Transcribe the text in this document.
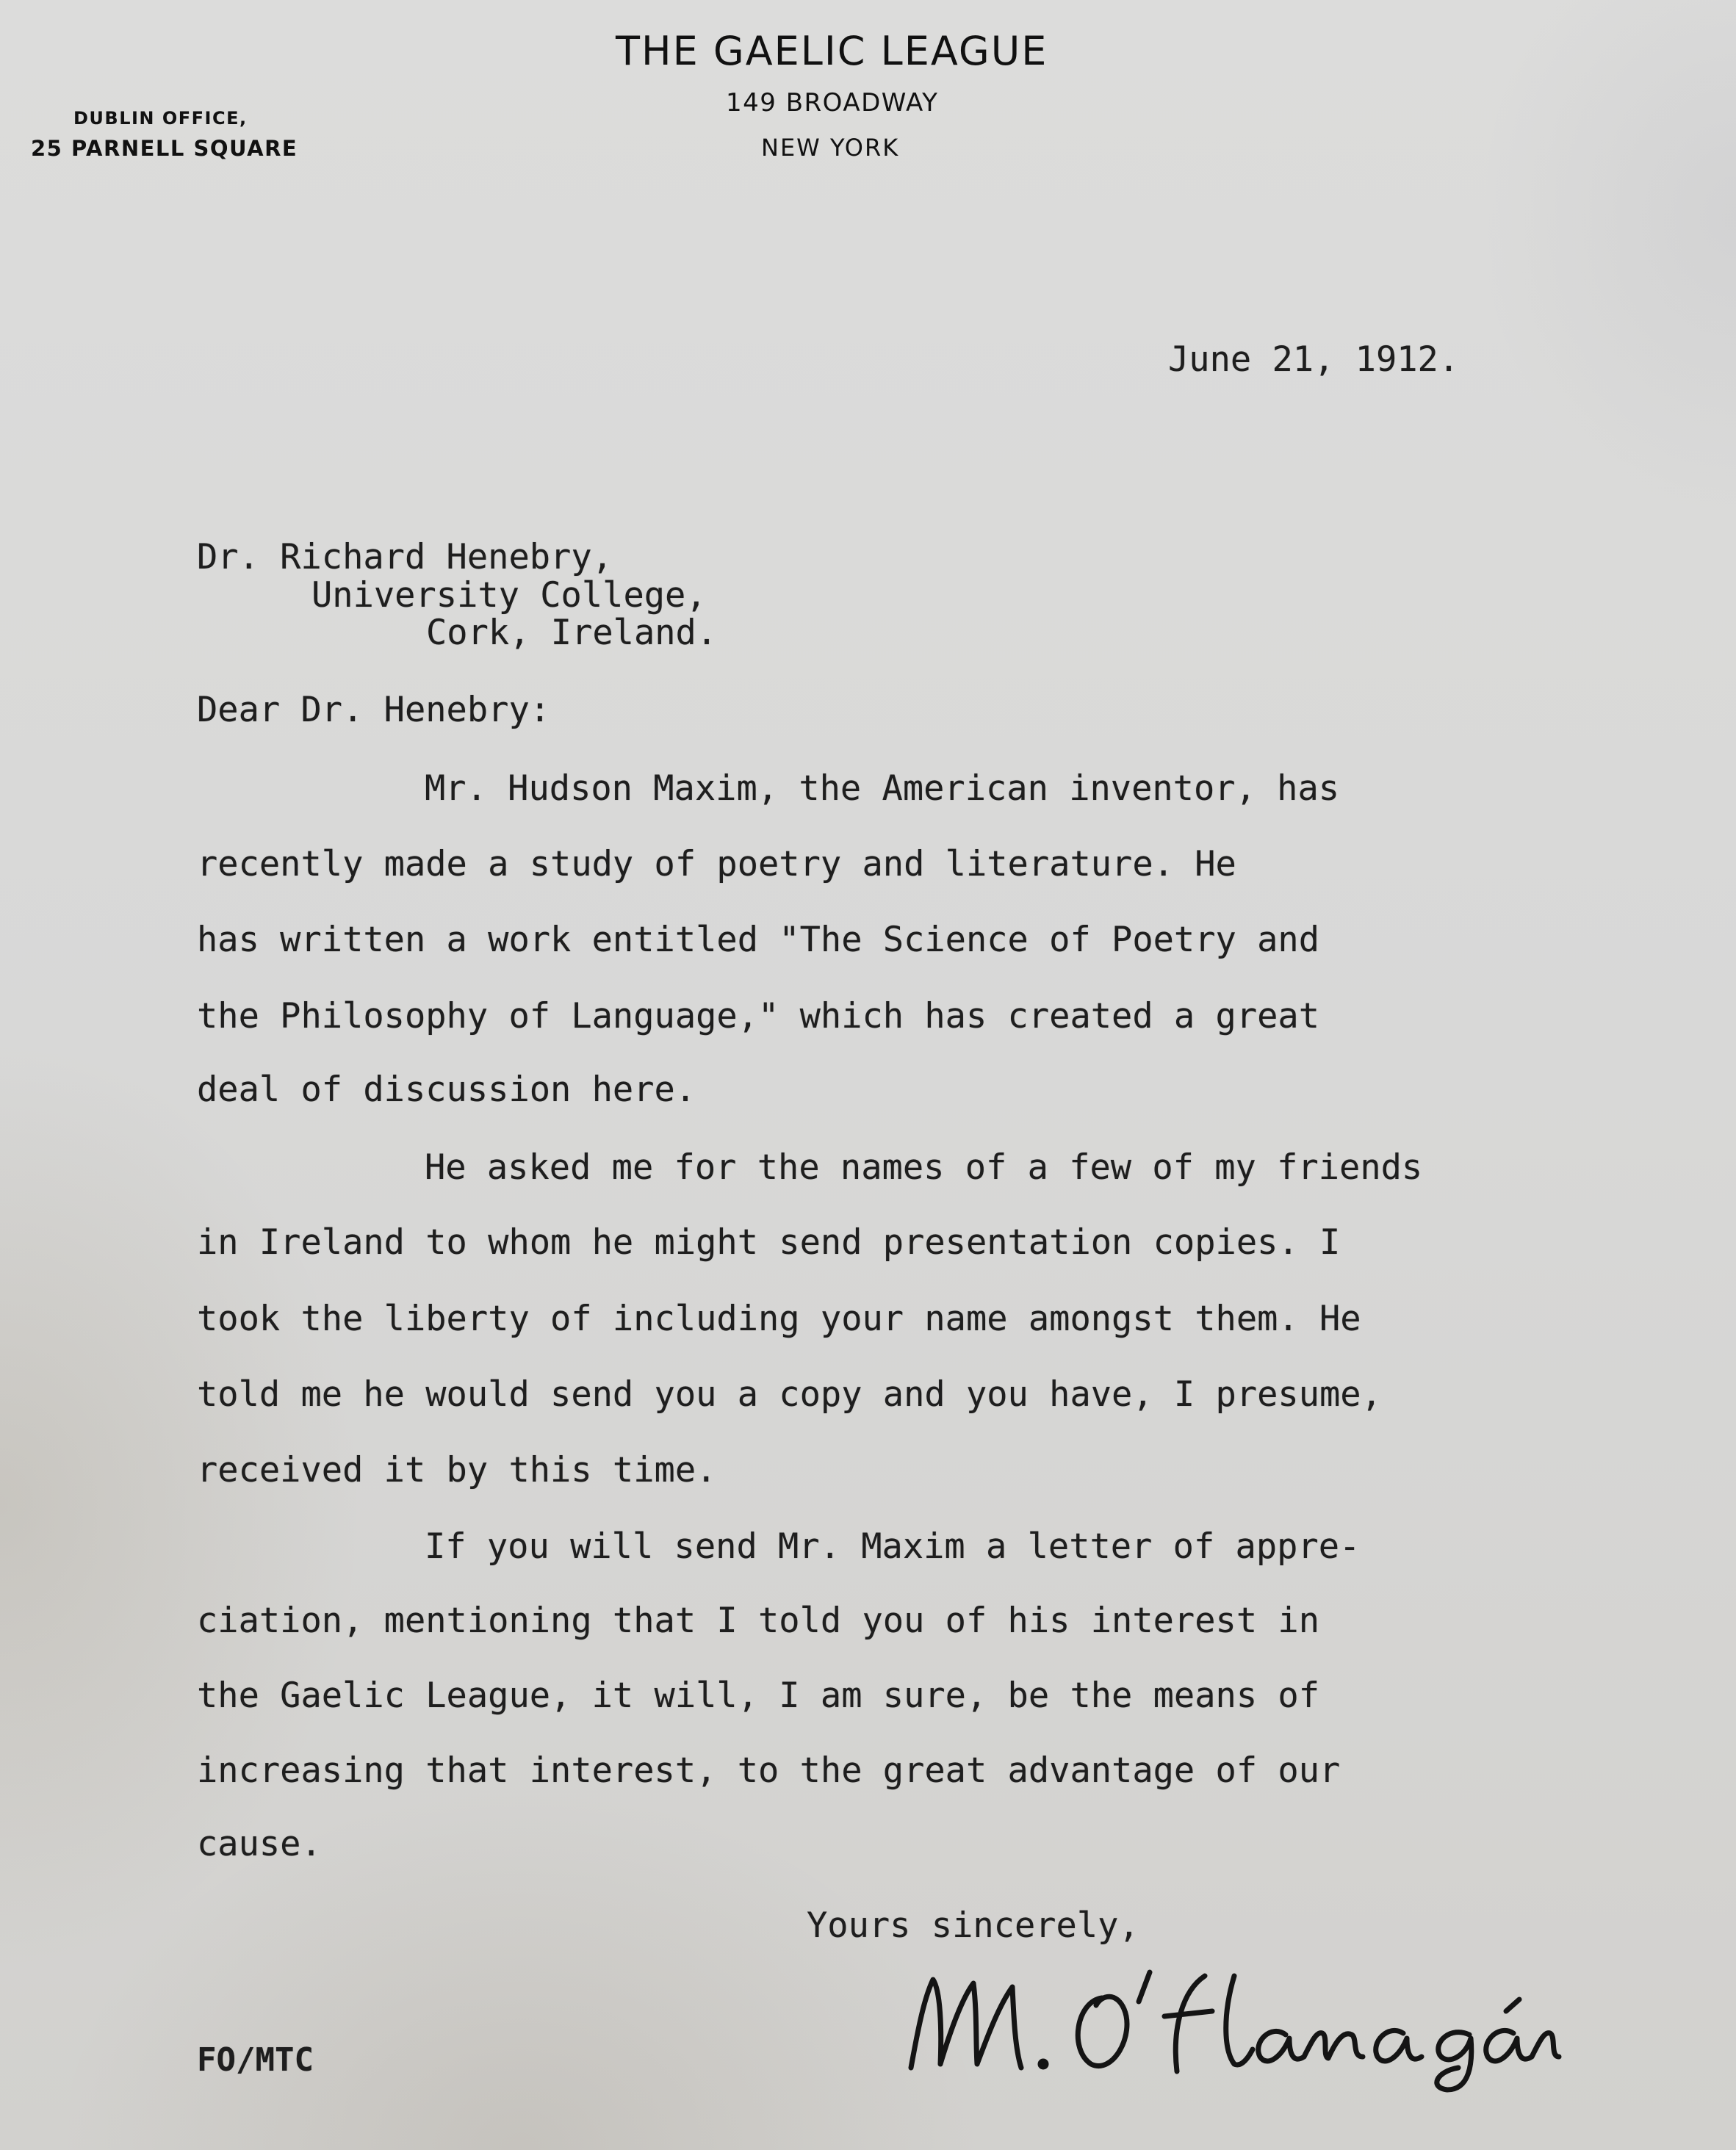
THE GAELIC LEAGUE
149 BROADWAY
NEW YORK
DUBLIN OFFICE,
25 PARNELL SQUARE
June 21, 1912.
Dr. Richard Henebry,
University College,
Cork, Ireland.
Dear Dr. Henebry:
Mr. Hudson Maxim, the American inventor, has
recently made a study of poetry and literature. He
has written a work entitled "The Science of Poetry and
the Philosophy of Language," which has created a great
deal of discussion here.
He asked me for the names of a few of my friends
in Ireland to whom he might send presentation copies. I
took the liberty of including your name amongst them. He
told me he would send you a copy and you have, I presume,
received it by this time.
If you will send Mr. Maxim a letter of appre-
ciation, mentioning that I told you of his interest in
the Gaelic League, it will, I am sure, be the means of
increasing that interest, to the great advantage of our
cause.
Yours sincerely,
FO/MTC
